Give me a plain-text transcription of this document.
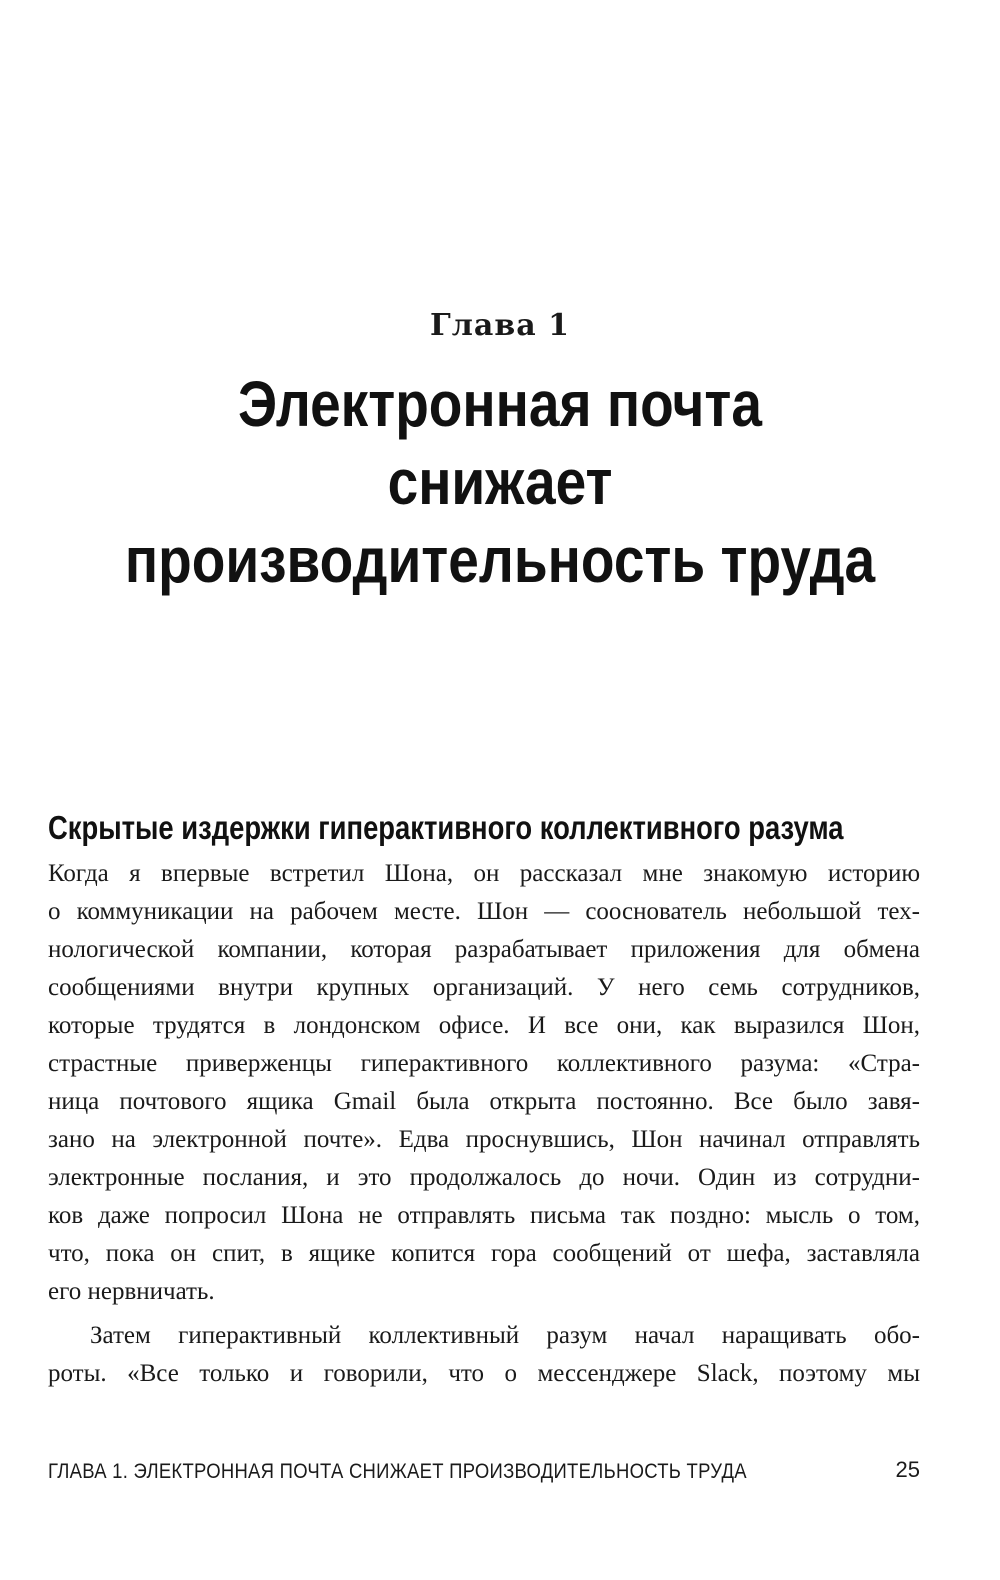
Глава 1
Электронная почта снижает
производительность труда
Скрытые издержки гиперактивного коллективного разума
Когда я впервые встретил Шона, он рассказал мне знакомую историю
о коммуникации на рабочем месте. Шон — сооснователь небольшой тех-
нологической компании, которая разрабатывает приложения для обмена
сообщениями внутри крупных организаций. У него семь сотрудников,
которые трудятся в лондонском офисе. И все они, как выразился Шон,
страстные приверженцы гиперактивного коллективного разума: «Стра-
ница почтового ящика Gmail была открыта постоянно. Все было завя-
зано на электронной почте». Едва проснувшись, Шон начинал отправлять
электронные послания, и это продолжалось до ночи. Один из сотрудни-
ков даже попросил Шона не отправлять письма так поздно: мысль о том,
что, пока он спит, в ящике копится гора сообщений от шефа, заставляла
его нервничать.
Затем гиперактивный коллективный разум начал наращивать обо-
роты. «Все только и говорили, что о мессенджере Slack, поэтому мы
ГЛАВА 1. ЭЛЕКТРОННАЯ ПОЧТА СНИЖАЕТ ПРОИЗВОДИТЕЛЬНОСТЬ ТРУДА	25
